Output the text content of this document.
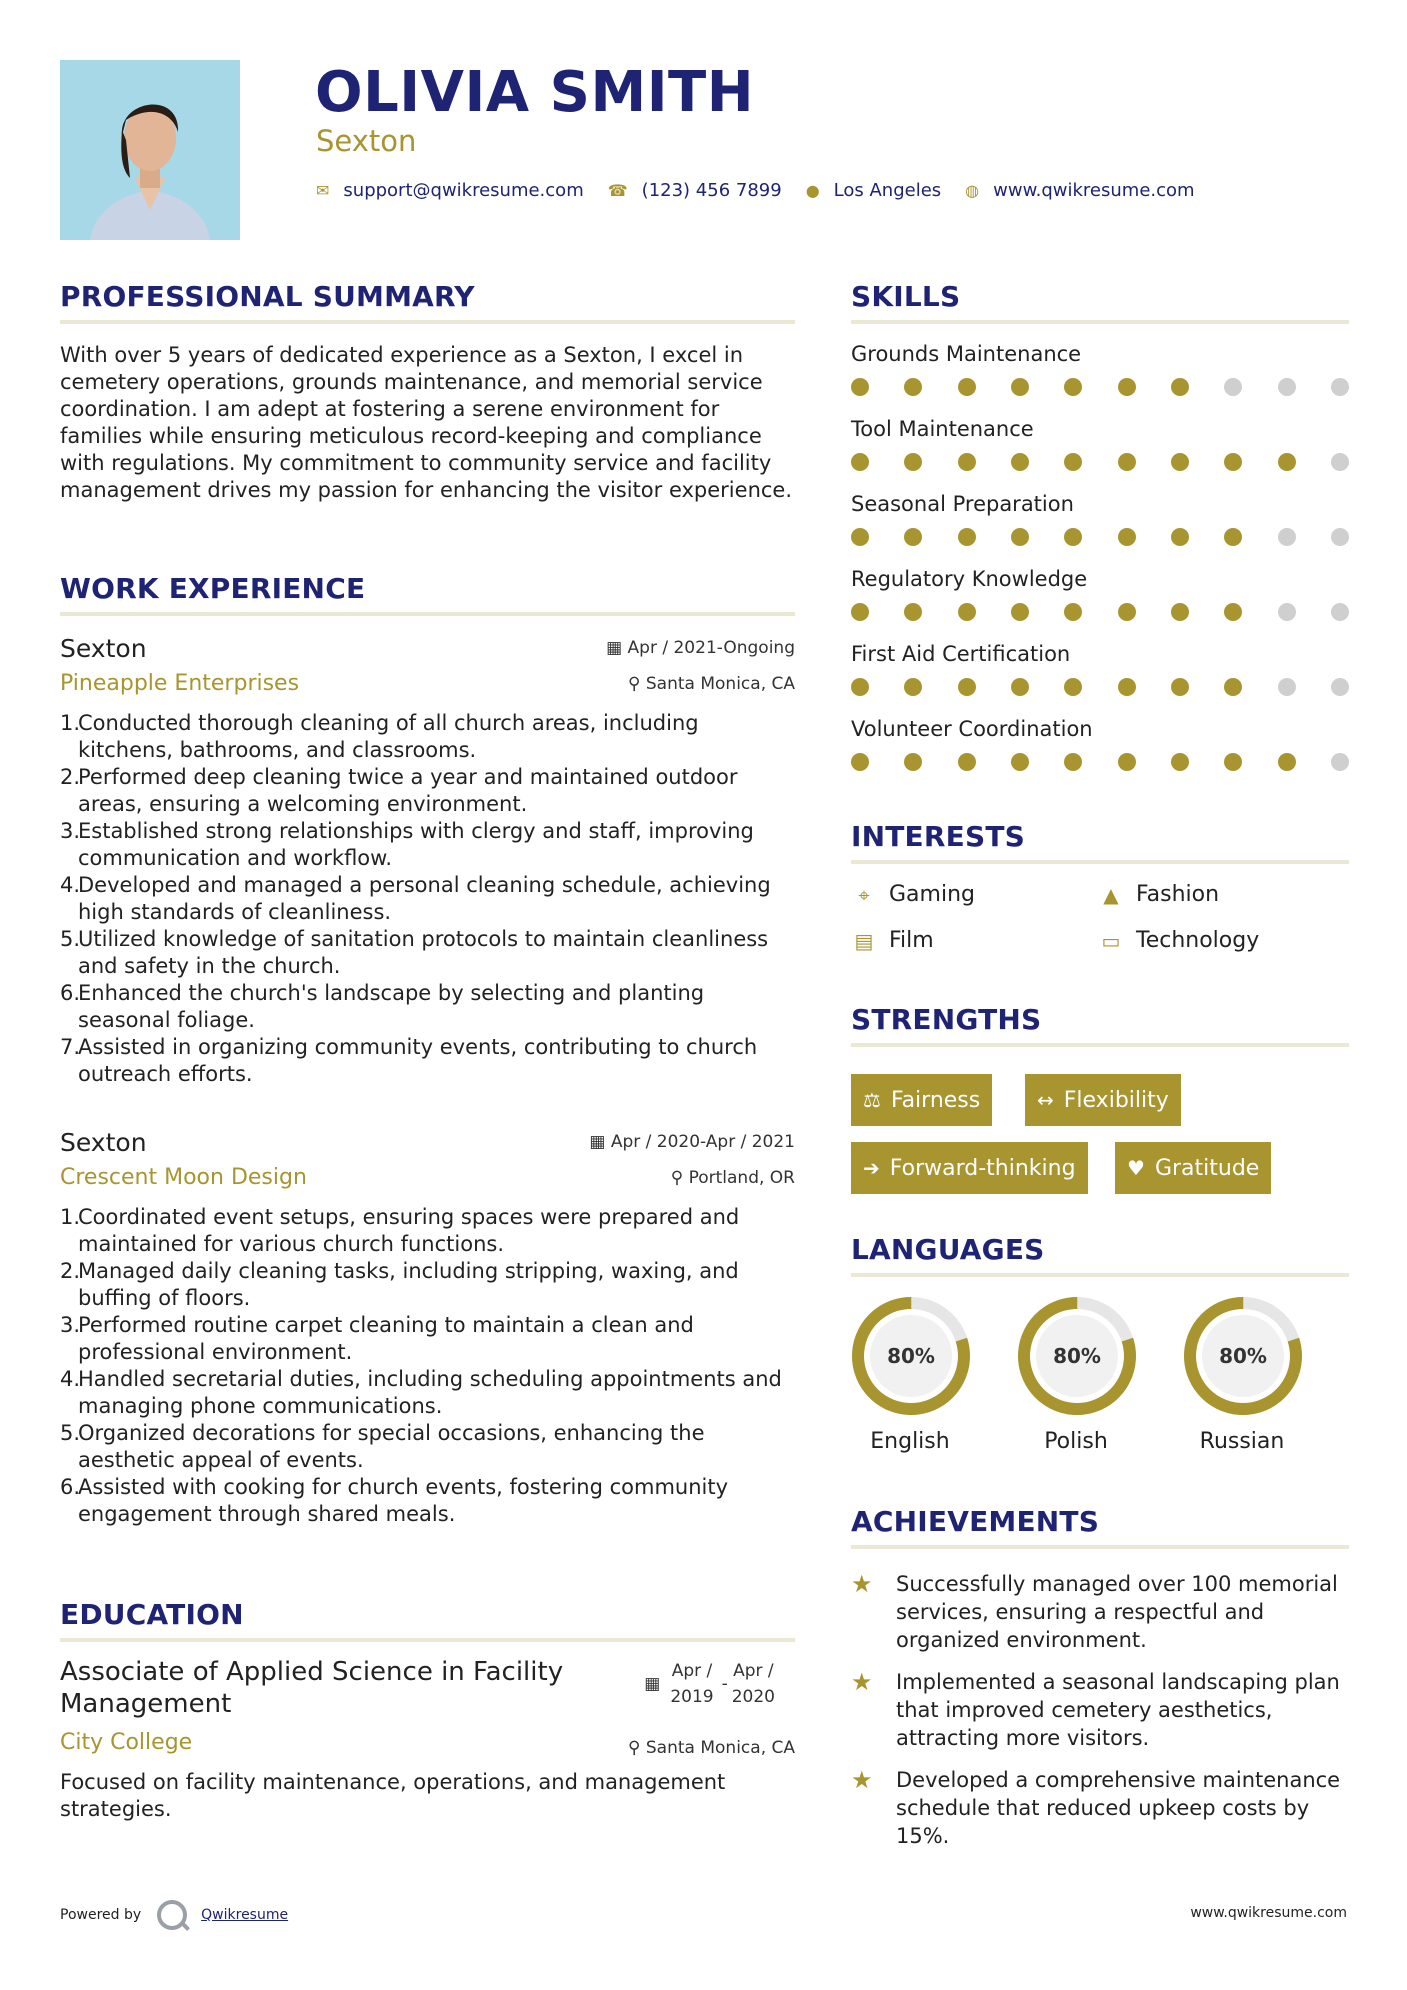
OLIVIA SMITH
Sexton
✉ support@qwikresume.com ☎ (123) 456 7899 ● Los Angeles ◍ www.qwikresume.com
PROFESSIONAL SUMMARY
With over 5 years of dedicated experience as a Sexton, I excel in cemetery operations, grounds maintenance, and memorial service coordination. I am adept at fostering a serene environment for families while ensuring meticulous record-keeping and compliance with regulations. My commitment to community service and facility management drives my passion for enhancing the visitor experience.
WORK EXPERIENCE
Sexton
Pineapple Enterprises
▦ Apr / 2021-Ongoing
⚲ Santa Monica, CA
1.
Conducted thorough cleaning of all church areas, including kitchens, bathrooms, and classrooms.
2.
Performed deep cleaning twice a year and maintained outdoor areas, ensuring a welcoming environment.
3.
Established strong relationships with clergy and staff, improving communication and workflow.
4.
Developed and managed a personal cleaning schedule, achieving high standards of cleanliness.
5.
Utilized knowledge of sanitation protocols to maintain cleanliness and safety in the church.
6.
Enhanced the church's landscape by selecting and planting seasonal foliage.
7.
Assisted in organizing community events, contributing to church outreach efforts.
Sexton
Crescent Moon Design
▦ Apr / 2020-Apr / 2021
⚲ Portland, OR
1.
Coordinated event setups, ensuring spaces were prepared and maintained for various church functions.
2.
Managed daily cleaning tasks, including stripping, waxing, and buffing of floors.
3.
Performed routine carpet cleaning to maintain a clean and professional environment.
4.
Handled secretarial duties, including scheduling appointments and managing phone communications.
5.
Organized decorations for special occasions, enhancing the aesthetic appeal of events.
6.
Assisted with cooking for church events, fostering community engagement through shared meals.
EDUCATION
Associate of Applied Science in Facility Management
City College
▦
Apr /
2019
-
Apr /
2020
⚲ Santa Monica, CA
Focused on facility maintenance, operations, and management strategies.
SKILLS
Grounds Maintenance
Tool Maintenance
Seasonal Preparation
Regulatory Knowledge
First Aid Certification
Volunteer Coordination
INTERESTS
⌖ Gaming	▲ Fashion
▤ Film	▭ Technology
STRENGTHS
⚖ Fairness	↔ Flexibility
➔ Forward-thinking	♥ Gratitude
LANGUAGES
80%
English
80%
Polish
80%
Russian
ACHIEVEMENTS
★ Successfully managed over 100 memorial services, ensuring a respectful and organized environment.
★ Implemented a seasonal landscaping plan that improved cemetery aesthetics, attracting more visitors.
★ Developed a comprehensive maintenance schedule that reduced upkeep costs by 15%.
Powered by	Qwikresume	www.qwikresume.com
